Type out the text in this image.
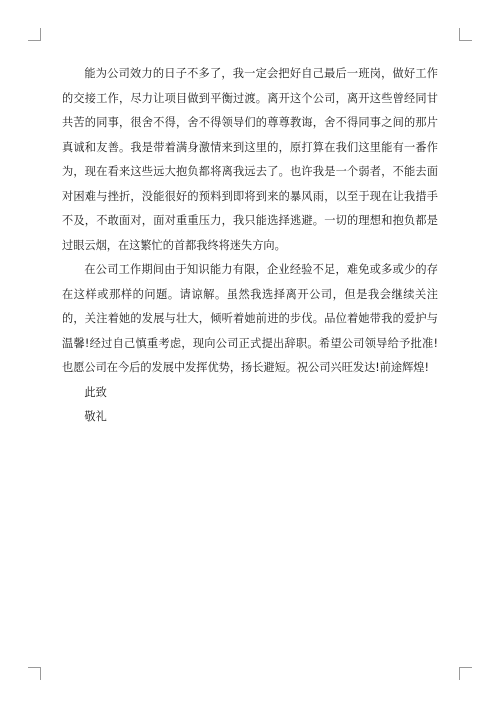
能为公司效力的日子不多了，我一定会把好自己最后一班岗，做好工作的交接工作，尽力让项目做到平衡过渡。离开这个公司，离开这些曾经同甘共苦的同事，很舍不得，舍不得领导们的尊尊教诲，舍不得同事之间的那片真诚和友善。我是带着满身激情来到这里的，原打算在我们这里能有一番作为，现在看来这些远大抱负都将离我远去了。也许我是一个弱者，不能去面对困难与挫折，没能很好的预料到即将到来的暴风雨，以至于现在让我措手不及，不敢面对，面对重重压力，我只能选择逃避。一切的理想和抱负都是过眼云烟，在这繁忙的首都我终将迷失方向。

在公司工作期间由于知识能力有限，企业经验不足，难免或多或少的存在这样或那样的问题。请谅解。虽然我选择离开公司，但是我会继续关注的，关注着她的发展与壮大，倾听着她前进的步伐。品位着她带我的爱护与温馨!经过自己慎重考虑，现向公司正式提出辞职。希望公司领导给予批准!也愿公司在今后的发展中发挥优势，扬长避短。祝公司兴旺发达!前途辉煌!

此致

敬礼
